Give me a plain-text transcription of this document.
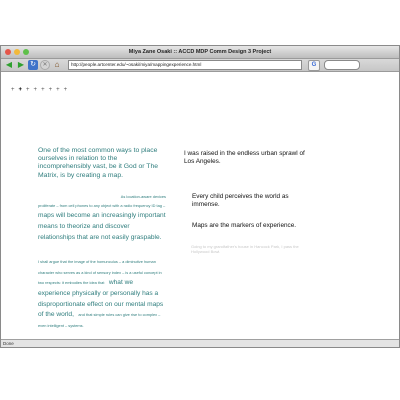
Miya Zane Osaki :: ACCD MDP Comm Design 3 Project
◀ ▶ ↻	✕ ⌂	http://people.artcenter.edu/~osaki/miya/mappingexperience.html	G
+ + + + + + + +

One of the most common ways to place ourselves in relation to the incomprehensibly vast, be it God or The Matrix, is by creating a map.

As location-aware devices
proliferate – from cell phones to any object with a radio frequency ID tag – maps will become an increasingly important means to theorize and discover relationships that are not easily graspable.

I shall argue that the image of the homunculus – a diminutive human character who serves as a kind of sensory index – is a useful concept in two respects: it embodies the idea that what we experience physically or personally has a disproportionate effect on our mental maps of the world, and that simple rules can give rise to complex – even intelligent – systems.

I was raised in the endless urban sprawl of Los Angeles.

Every child perceives the world as immense.

Maps are the markers of experience.

Going to my grandfather's house in Hancock Park, I pass the Hollywood Bowl.

Done
